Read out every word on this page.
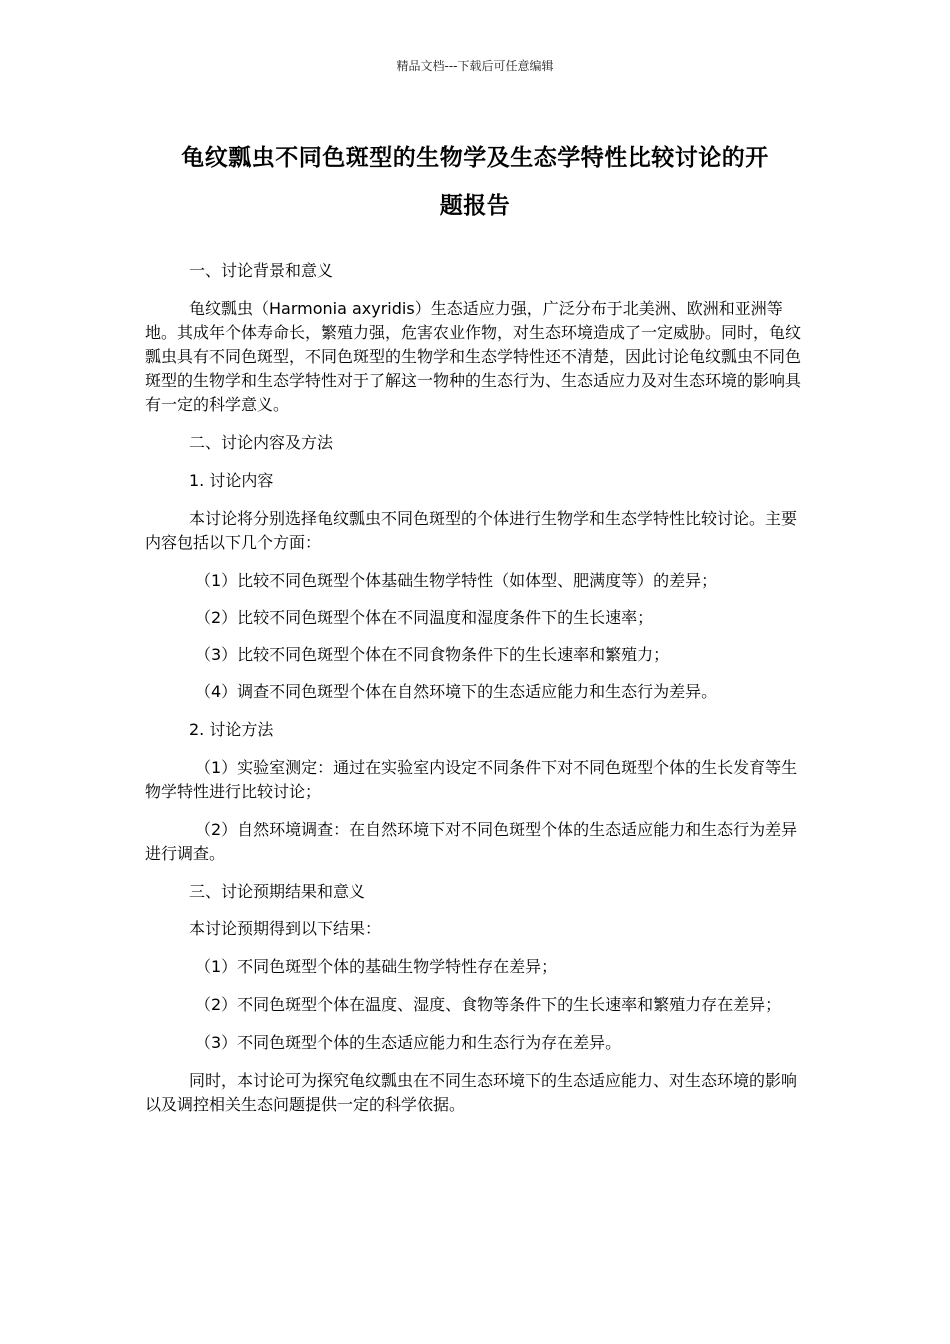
精品文档---下载后可任意编辑
龟纹瓢虫不同色斑型的生物学及生态学特性比较讨论的开
题报告

一、讨论背景和意义

龟纹瓢虫（Harmonia axyridis）生态适应力强，广泛分布于北美洲、欧洲和亚洲等地。其成年个体寿命长，繁殖力强，危害农业作物，对生态环境造成了一定威胁。同时，龟纹瓢虫具有不同色斑型，不同色斑型的生物学和生态学特性还不清楚，因此讨论龟纹瓢虫不同色斑型的生物学和生态学特性对于了解这一物种的生态行为、生态适应力及对生态环境的影响具有一定的科学意义。

二、讨论内容及方法

1. 讨论内容

本讨论将分别选择龟纹瓢虫不同色斑型的个体进行生物学和生态学特性比较讨论。主要内容包括以下几个方面：

（1）比较不同色斑型个体基础生物学特性（如体型、肥满度等）的差异；

（2）比较不同色斑型个体在不同温度和湿度条件下的生长速率；

（3）比较不同色斑型个体在不同食物条件下的生长速率和繁殖力；

（4）调查不同色斑型个体在自然环境下的生态适应能力和生态行为差异。

2. 讨论方法

（1）实验室测定：通过在实验室内设定不同条件下对不同色斑型个体的生长发育等生物学特性进行比较讨论；

（2）自然环境调查：在自然环境下对不同色斑型个体的生态适应能力和生态行为差异进行调查。

三、讨论预期结果和意义

本讨论预期得到以下结果：

（1）不同色斑型个体的基础生物学特性存在差异；

（2）不同色斑型个体在温度、湿度、食物等条件下的生长速率和繁殖力存在差异；

（3）不同色斑型个体的生态适应能力和生态行为存在差异。

同时，本讨论可为探究龟纹瓢虫在不同生态环境下的生态适应能力、对生态环境的影响以及调控相关生态问题提供一定的科学依据。
